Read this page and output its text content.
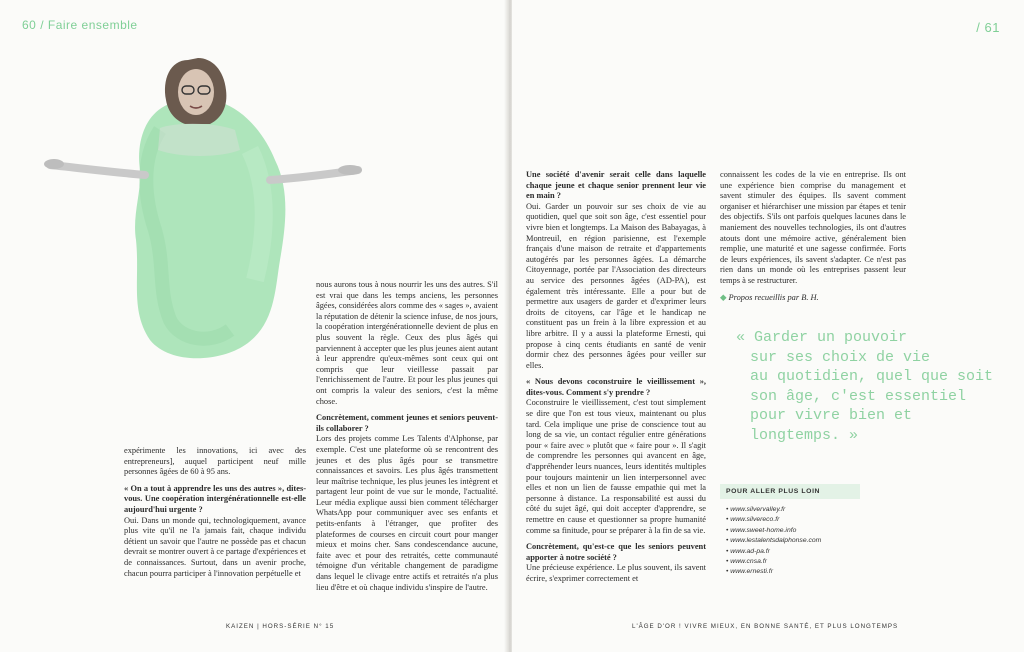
60 / Faire ensemble

expérimente les innovations, ici avec des entrepreneurs], auquel participent neuf mille personnes âgées de 60 à 95 ans.

« On a tout à apprendre les uns des autres », dites-vous. Une coopération intergénérationnelle est-elle aujourd'hui urgente ?

Oui. Dans un monde qui, technologiquement, avance plus vite qu'il ne l'a jamais fait, chaque individu détient un savoir que l'autre ne possède pas et chacun devrait se montrer ouvert à ce partage d'expériences et de connaissances. Surtout, dans un avenir proche, chacun pourra participer à l'innovation perpétuelle et

nous aurons tous à nous nourrir les uns des autres. S'il est vrai que dans les temps anciens, les personnes âgées, considérées alors comme des « sages », avaient la réputation de détenir la science infuse, de nos jours, la coopération intergénérationnelle devient de plus en plus souvent la règle. Ceux des plus âgés qui parviennent à accepter que les plus jeunes aient autant à leur apprendre qu'eux-mêmes sont ceux qui ont compris que leur vieillesse passait par l'enrichissement de l'autre. Et pour les plus jeunes qui ont compris la valeur des seniors, c'est la même chose.

Concrètement, comment jeunes et seniors peuvent-ils collaborer ?

Lors des projets comme Les Talents d'Alphonse, par exemple. C'est une plateforme où se rencontrent des jeunes et des plus âgés pour se transmettre connaissances et savoirs. Les plus âgés transmettent leur maîtrise technique, les plus jeunes les intègrent et partagent leur point de vue sur le monde, l'actualité. Leur média explique aussi bien comment télécharger WhatsApp pour communiquer avec ses enfants et petits-enfants à l'étranger, que profiter des plateformes de courses en circuit court pour manger mieux et moins cher. Sans condescendance aucune, faite avec et pour des retraités, cette communauté témoigne d'un véritable changement de paradigme dans lequel le clivage entre actifs et retraités n'a plus lieu d'être et où chaque individu s'inspire de l'autre.

KAIZEN | HORS-SÉRIE N° 15
/ 61
Une société d'avenir serait celle dans laquelle chaque jeune et chaque senior prennent leur vie en main ?

Oui. Garder un pouvoir sur ses choix de vie au quotidien, quel que soit son âge, c'est essentiel pour vivre bien et longtemps. La Maison des Babayagas, à Montreuil, en région parisienne, est l'exemple français d'une maison de retraite et d'appartements autogérés par les personnes âgées. La démarche Citoyennage, portée par l'Association des directeurs au service des personnes âgées (AD-PA), est également très intéressante. Elle a pour but de permettre aux usagers de garder et d'exprimer leurs droits de citoyens, car l'âge et le handicap ne constituent pas un frein à la libre expression et au libre arbitre. Il y a aussi la plateforme Ernesti, qui propose à cinq cents étudiants en santé de venir dormir chez des personnes âgées pour veiller sur elles.

« Nous devons coconstruire le vieillissement », dites-vous. Comment s'y prendre ?

Coconstruire le vieillissement, c'est tout simplement se dire que l'on est tous vieux, maintenant ou plus tard. Cela implique une prise de conscience tout au long de sa vie, un contact régulier entre générations pour « faire avec » plutôt que « faire pour ». Il s'agit de comprendre les personnes qui avancent en âge, d'appréhender leurs nuances, leurs identités multiples pour toujours maintenir un lien interpersonnel avec elles et non un lien de fausse empathie qui met la personne à distance. La responsabilité est aussi du côté du sujet âgé, qui doit accepter d'apprendre, se remettre en cause et questionner sa propre humanité comme sa finitude, pour se préparer à la fin de sa vie.

Concrètement, qu'est-ce que les seniors peuvent apporter à notre société ?

Une précieuse expérience. Le plus souvent, ils savent écrire, s'exprimer correctement et

connaissent les codes de la vie en entreprise. Ils ont une expérience bien comprise du management et savent stimuler des équipes. Ils savent comment organiser et hiérarchiser une mission par étapes et tenir des objectifs. S'ils ont parfois quelques lacunes dans le maniement des nouvelles technologies, ils ont d'autres atouts dont une mémoire active, généralement bien remplie, une maturité et une sagesse confirmée. Forts de leurs expériences, ils savent s'adapter. Ce n'est pas rien dans un monde où les entreprises passent leur temps à se restructurer.

◆ Propos recueillis par B. H.

« Garder un pouvoir
sur ses choix de vie
au quotidien, quel que soit
son âge, c'est essentiel
pour vivre bien et
longtemps. »
POUR ALLER PLUS LOIN
• www.silvervalley.fr
• www.silvereco.fr
• www.sweet-home.info
• www.lestalentsdalphonse.com
• www.ad-pa.fr
• www.cnsa.fr
• www.ernesti.fr
L'ÂGE D'OR ! VIVRE MIEUX, EN BONNE SANTÉ, ET PLUS LONGTEMPS
